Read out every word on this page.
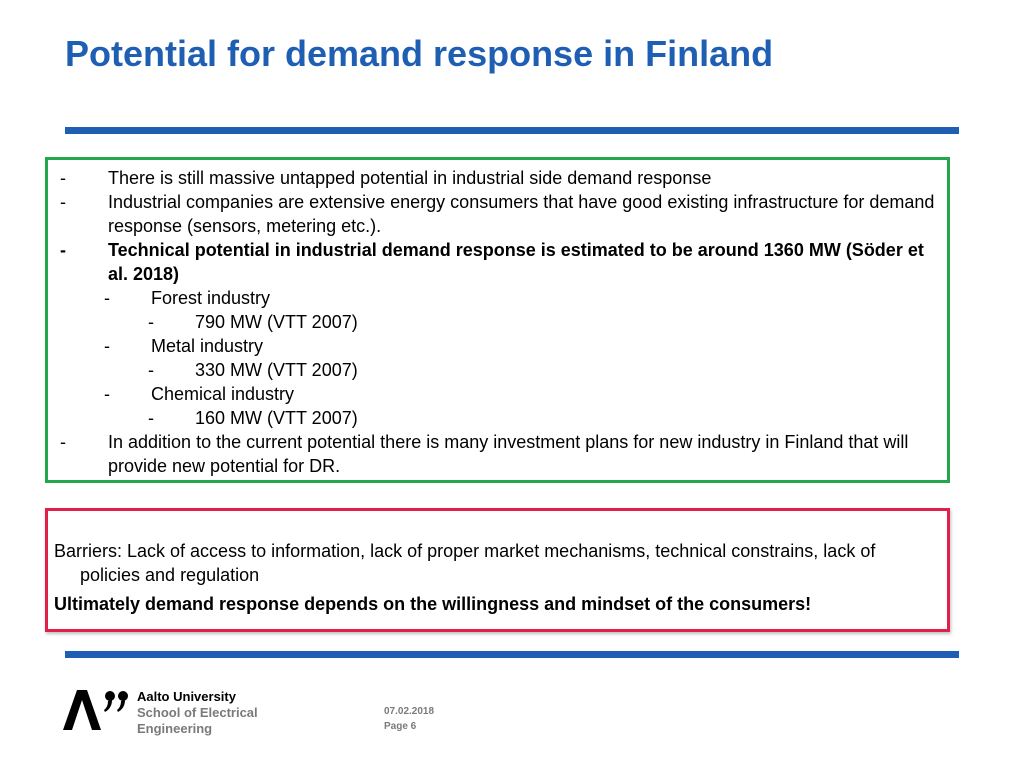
Potential for demand response in Finland
- There is still massive untapped potential in industrial side demand response
- Industrial companies are extensive energy consumers that have good existing infrastructure for demand response (sensors, metering etc.).
- Technical potential in industrial demand response is estimated to be around 1360 MW (Söder et al. 2018)
- Forest industry
- 790 MW (VTT 2007)
- Metal industry
- 330 MW (VTT 2007)
- Chemical industry
- 160 MW (VTT 2007)
- In addition to the current potential there is many investment plans for new industry in Finland that will provide new potential for DR.

Barriers: Lack of access to information, lack of proper market mechanisms, technical constrains, lack of policies and regulation

Ultimately demand response depends on the willingness and mindset of the consumers!

Aalto University
School of Electrical
Engineering
07.02.2018
Page 6
